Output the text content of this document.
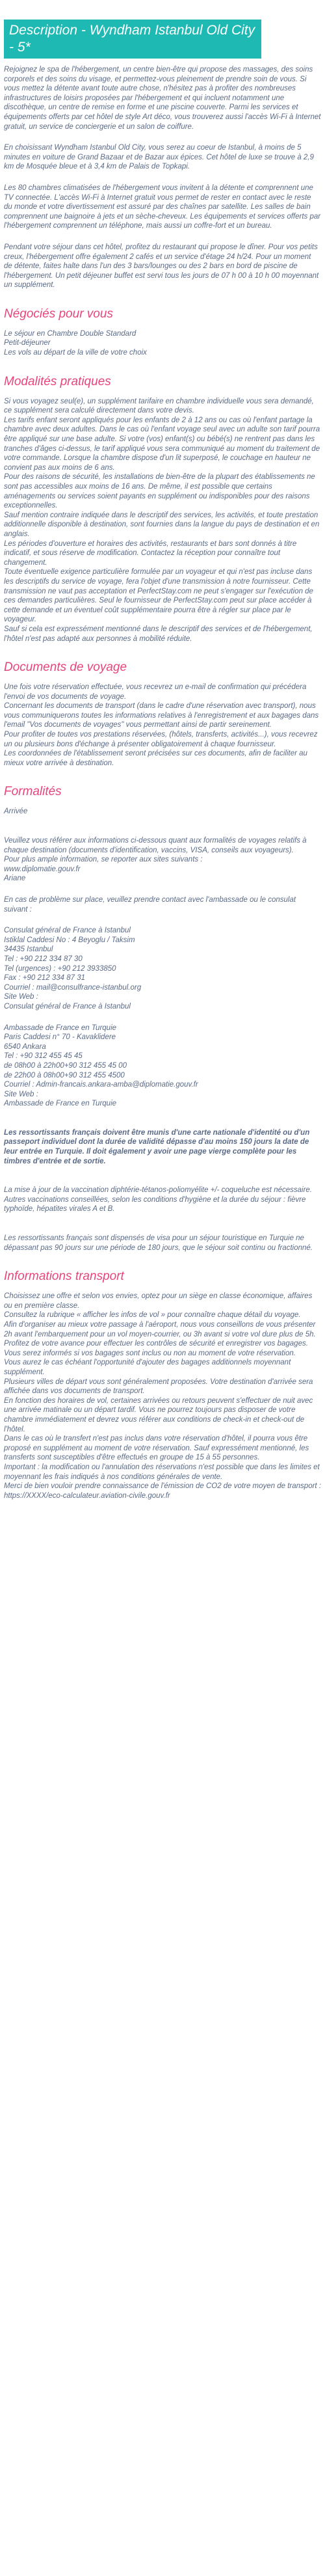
Description - Wyndham Istanbul Old City - 5*

Rejoignez le spa de l'hébergement, un centre bien-être qui propose des massages, des soins corporels et des soins du visage, et permettez-vous pleinement de prendre soin de vous. Si vous mettez la détente avant toute autre chose, n'hésitez pas à profiter des nombreuses infrastructures de loisirs proposées par l'hébergement et qui incluent notamment une discothèque, un centre de remise en forme et une piscine couverte. Parmi les services et équipements offerts par cet hôtel de style Art déco, vous trouverez aussi l'accès Wi-Fi à Internet gratuit, un service de conciergerie et un salon de coiffure.

En choisissant Wyndham Istanbul Old City, vous serez au coeur de Istanbul, à moins de 5 minutes en voiture de Grand Bazaar et de Bazar aux épices. Cet hôtel de luxe se trouve à 2,9 km de Mosquée bleue et à 3,4 km de Palais de Topkapi.

Les 80 chambres climatisées de l'hébergement vous invitent à la détente et comprennent une TV connectée. L'accès Wi-Fi à Internet gratuit vous permet de rester en contact avec le reste du monde et votre divertissement est assuré par des chaînes par satellite. Les salles de bain comprennent une baignoire à jets et un sèche-cheveux. Les équipements et services offerts par l'hébergement comprennent un téléphone, mais aussi un coffre-fort et un bureau.

Pendant votre séjour dans cet hôtel, profitez du restaurant qui propose le dîner. Pour vos petits creux, l'hébergement offre également 2 cafés et un service d'étage 24 h/24. Pour un moment de détente, faites halte dans l'un des 3 bars/lounges ou des 2 bars en bord de piscine de l'hébergement. Un petit déjeuner buffet est servi tous les jours de 07 h 00 à 10 h 00 moyennant un supplément.

Négociés pour vous
Le séjour en Chambre Double Standard
Petit-déjeuner
Les vols au départ de la ville de votre choix
Modalités pratiques
Si vous voyagez seul(e), un supplément tarifaire en chambre individuelle vous sera demandé, ce supplément sera calculé directement dans votre devis.
Les tarifs enfant seront appliqués pour les enfants de 2 à 12 ans ou cas où l'enfant partage la chambre avec deux adultes. Dans le cas où l'enfant voyage seul avec un adulte son tarif pourra être appliqué sur une base adulte. Si votre (vos) enfant(s) ou bébé(s) ne rentrent pas dans les tranches d'âges ci-dessus, le tarif appliqué vous sera communiqué au moment du traitement de votre commande. Lorsque la chambre dispose d'un lit superposé, le couchage en hauteur ne convient pas aux moins de 6 ans.
Pour des raisons de sécurité, les installations de bien-être de la plupart des établissements ne sont pas accessibles aux moins de 16 ans. De même, il est possible que certains aménagements ou services soient payants en supplément ou indisponibles pour des raisons exceptionnelles.
Sauf mention contraire indiquée dans le descriptif des services, les activités, et toute prestation additionnelle disponible à destination, sont fournies dans la langue du pays de destination et en anglais.
Les périodes d'ouverture et horaires des activités, restaurants et bars sont donnés à titre indicatif, et sous réserve de modification. Contactez la réception pour connaître tout changement.
Toute éventuelle exigence particulière formulée par un voyageur et qui n'est pas incluse dans les descriptifs du service de voyage, fera l'objet d'une transmission à notre fournisseur. Cette transmission ne vaut pas acceptation et PerfectStay.com ne peut s'engager sur l'exécution de ces demandes particulières. Seul le fournisseur de PerfectStay.com peut sur place accéder à cette demande et un éventuel coût supplémentaire pourra être à régler sur place par le voyageur.
Sauf si cela est expressément mentionné dans le descriptif des services et de l'hébergement, l'hôtel n'est pas adapté aux personnes à mobilité réduite.
Documents de voyage
Une fois votre réservation effectuée, vous recevrez un e-mail de confirmation qui précédera l'envoi de vos documents de voyage.
Concernant les documents de transport (dans le cadre d'une réservation avec transport), nous vous communiquerons toutes les informations relatives à l'enregistrement et aux bagages dans l'email "Vos documents de voyages" vous permettant ainsi de partir sereinement.
Pour profiter de toutes vos prestations réservées, (hôtels, transferts, activités...), vous recevrez un ou plusieurs bons d'échange à présenter obligatoirement à chaque fournisseur.
Les coordonnées de l'établissement seront précisées sur ces documents, afin de faciliter au mieux votre arrivée à destination.
Formalités
Arrivée
Veuillez vous référer aux informations ci-dessous quant aux formalités de voyages relatifs à chaque destination (documents d'identification, vaccins, VISA, conseils aux voyageurs).
Pour plus ample information, se reporter aux sites suivants :
www.diplomatie.gouv.fr
Ariane
En cas de problème sur place, veuillez prendre contact avec l'ambassade ou le consulat suivant :
Consulat général de France à Istanbul
Istiklal Caddesi No : 4 Beyoglu / Taksim
34435 Istanbul
Tel : +90 212 334 87 30
Tel (urgences) : +90 212 3933850
Fax : +90 212 334 87 31
Courriel : mail@consulfrance-istanbul.org
Site Web :
Consulat général de France à Istanbul
Ambassade de France en Turquie
Paris Caddesi n° 70 - Kavaklidere
6540 Ankara
Tel : +90 312 455 45 45
de 08h00 à 22h00+90 312 455 45 00
de 22h00 à 08h00+90 312 455 4500
Courriel : Admin-francais.ankara-amba@diplomatie.gouv.fr
Site Web :
Ambassade de France en Turquie
Les ressortissants français doivent être munis d'une carte nationale d'identité ou d'un passeport individuel dont la durée de validité dépasse d'au moins 150 jours la date de leur entrée en Turquie. Il doit également y avoir une page vierge complète pour les timbres d'entrée et de sortie.
La mise à jour de la vaccination diphtérie-tétanos-poliomyélite +/- coqueluche est nécessaire. Autres vaccinations conseillées, selon les conditions d'hygiène et la durée du séjour : fièvre typhoïde, hépatites virales A et B.
Les ressortissants français sont dispensés de visa pour un séjour touristique en Turquie ne dépassant pas 90 jours sur une période de 180 jours, que le séjour soit continu ou fractionné.
Informations transport
Choisissez une offre et selon vos envies, optez pour un siège en classe économique, affaires ou en première classe.
Consultez la rubrique « afficher les infos de vol » pour connaître chaque détail du voyage.
Afin d'organiser au mieux votre passage à l'aéroport, nous vous conseillons de vous présenter 2h avant l'embarquement pour un vol moyen-courrier, ou 3h avant si votre vol dure plus de 5h. Profitez de votre avance pour effectuer les contrôles de sécurité et enregistrer vos bagages.
Vous serez informés si vos bagages sont inclus ou non au moment de votre réservation.
Vous aurez le cas échéant l'opportunité d'ajouter des bagages additionnels moyennant supplément.
Plusieurs villes de départ vous sont généralement proposées. Votre destination d'arrivée sera affichée dans vos documents de transport.
En fonction des horaires de vol, certaines arrivées ou retours peuvent s'effectuer de nuit avec une arrivée matinale ou un départ tardif. Vous ne pourrez toujours pas disposer de votre chambre immédiatement et devrez vous référer aux conditions de check-in et check-out de l'hôtel.
Dans le cas où le transfert n'est pas inclus dans votre réservation d'hôtel, il pourra vous être proposé en supplément au moment de votre réservation. Sauf expressément mentionné, les transferts sont susceptibles d'être effectués en groupe de 15 à 55 personnes.
Important : la modification ou l'annulation des réservations n'est possible que dans les limites et moyennant les frais indiqués à nos conditions générales de vente.
Merci de bien vouloir prendre connaissance de l'émission de CO2 de votre moyen de transport : https://XXXX/eco-calculateur.aviation-civile.gouv.fr
